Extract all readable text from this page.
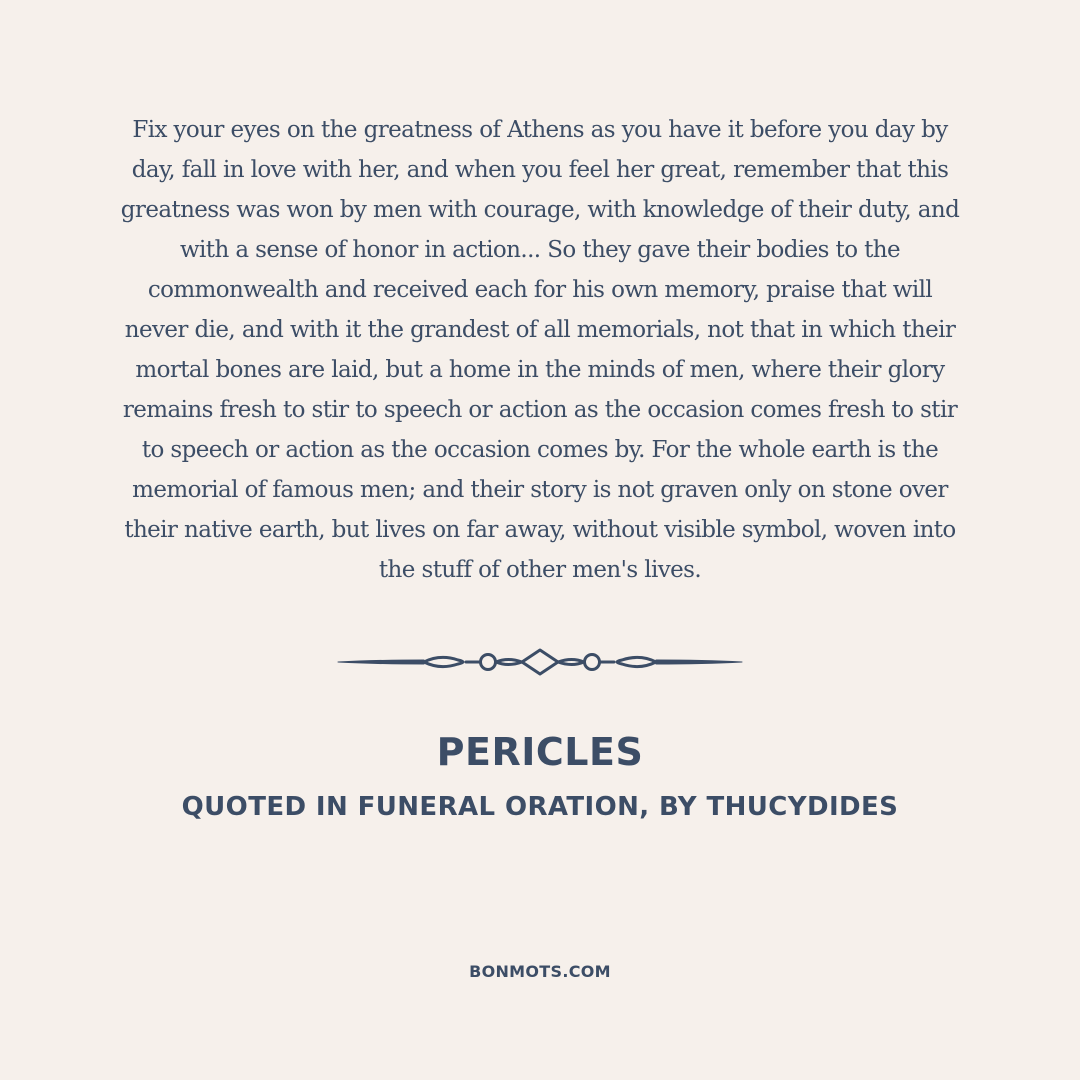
Fix your eyes on the greatness of Athens as you have it before you day by
day, fall in love with her, and when you feel her great, remember that this
greatness was won by men with courage, with knowledge of their duty, and
with a sense of honor in action... So they gave their bodies to the
commonwealth and received each for his own memory, praise that will
never die, and with it the grandest of all memorials, not that in which their
mortal bones are laid, but a home in the minds of men, where their glory
remains fresh to stir to speech or action as the occasion comes fresh to stir
to speech or action as the occasion comes by. For the whole earth is the
memorial of famous men; and their story is not graven only on stone over
their native earth, but lives on far away, without visible symbol, woven into
the stuff of other men's lives.

PERICLES
QUOTED IN FUNERAL ORATION, BY THUCYDIDES
BONMOTS.COM
